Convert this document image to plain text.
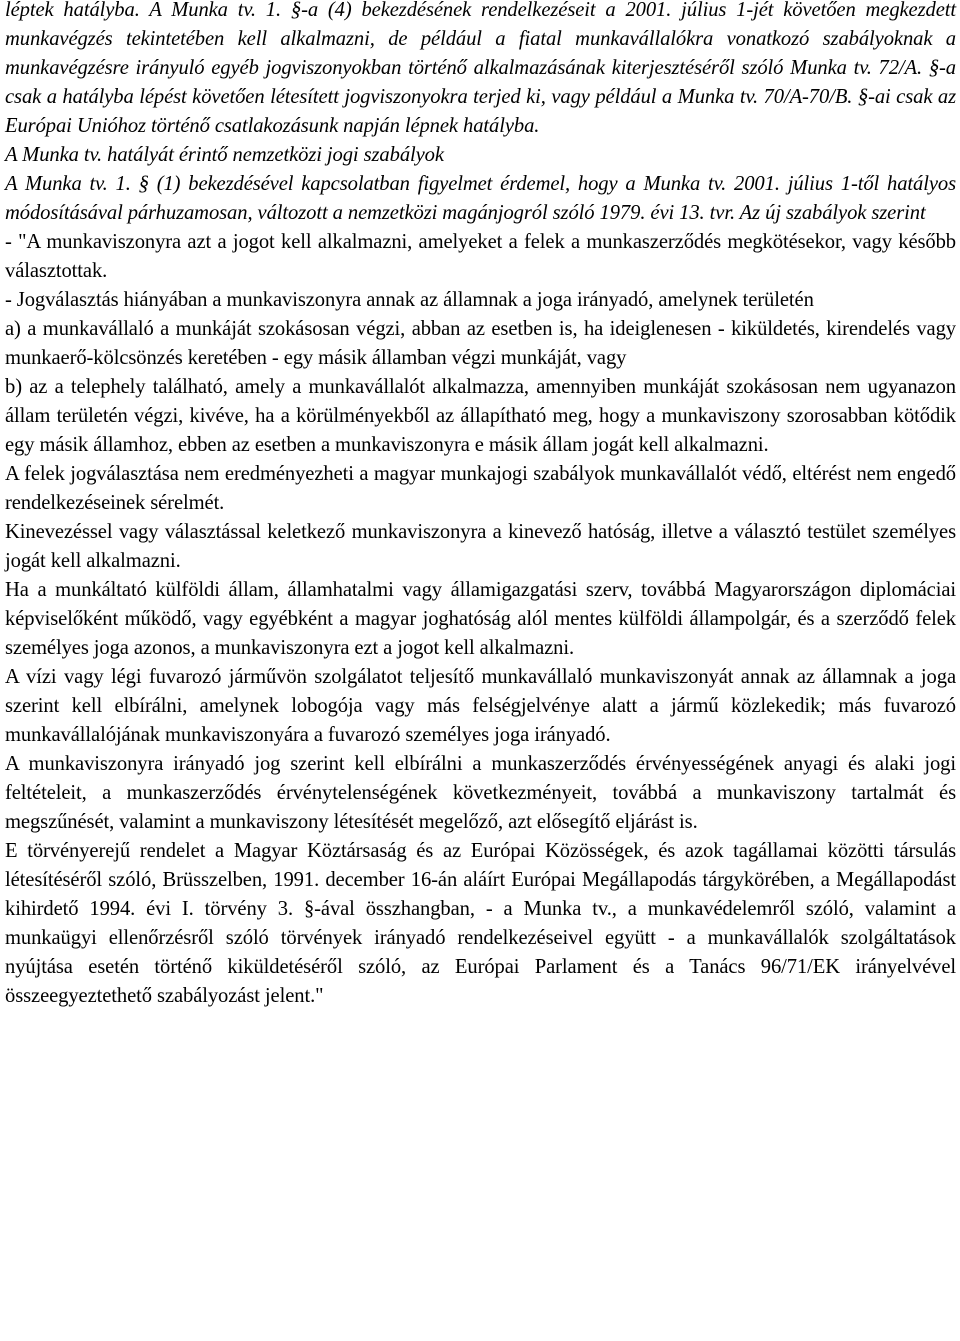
léptek hatályba. A Munka tv. 1. §-a (4) bekezdésének rendelkezéseit a 2001. július 1-jét követően megkezdett munkavégzés tekintetében kell alkalmazni, de például a fiatal munkavállalókra vonatkozó szabályoknak a munkavégzésre irányuló egyéb jogviszonyokban történő alkalmazásának kiterjesztéséről szóló Munka tv. 72/A. §-a csak a hatályba lépést követően létesített jogviszonyokra terjed ki, vagy például a Munka tv. 70/A-70/B. §-ai csak az Európai Unióhoz történő csatlakozásunk napján lépnek hatályba.

A Munka tv. hatályát érintő nemzetközi jogi szabályok

A Munka tv. 1. § (1) bekezdésével kapcsolatban figyelmet érdemel, hogy a Munka tv. 2001. július 1-től hatályos módosításával párhuzamosan, változott a nemzetközi magánjogról szóló 1979. évi 13. tvr. Az új szabályok szerint

- "A munkaviszonyra azt a jogot kell alkalmazni, amelyeket a felek a munkaszerződés megkötésekor, vagy később választottak.

- Jogválasztás hiányában a munkaviszonyra annak az államnak a joga irányadó, amelynek területén

a) a munkavállaló a munkáját szokásosan végzi, abban az esetben is, ha ideiglenesen - kiküldetés, kirendelés vagy munkaerő-kölcsönzés keretében - egy másik államban végzi munkáját, vagy

b) az a telephely található, amely a munkavállalót alkalmazza, amennyiben munkáját szokásosan nem ugyanazon állam területén végzi, kivéve, ha a körülményekből az állapítható meg, hogy a munkaviszony szorosabban kötődik egy másik államhoz, ebben az esetben a munkaviszonyra e másik állam jogát kell alkalmazni.

A felek jogválasztása nem eredményezheti a magyar munkajogi szabályok munkavállalót védő, eltérést nem engedő rendelkezéseinek sérelmét.

Kinevezéssel vagy választással keletkező munkaviszonyra a kinevező hatóság, illetve a választó testület személyes jogát kell alkalmazni.

Ha a munkáltató külföldi állam, államhatalmi vagy államigazgatási szerv, továbbá Magyarországon diplomáciai képviselőként működő, vagy egyébként a magyar joghatóság alól mentes külföldi állampolgár, és a szerződő felek személyes joga azonos, a munkaviszonyra ezt a jogot kell alkalmazni.

A vízi vagy légi fuvarozó járművön szolgálatot teljesítő munkavállaló munkaviszonyát annak az államnak a joga szerint kell elbírálni, amelynek lobogója vagy más felségjelvénye alatt a jármű közlekedik; más fuvarozó munkavállalójának munkaviszonyára a fuvarozó személyes joga irányadó.

A munkaviszonyra irányadó jog szerint kell elbírálni a munkaszerződés érvényességének anyagi és alaki jogi feltételeit, a munkaszerződés érvénytelenségének következményeit, továbbá a munkaviszony tartalmát és megszűnését, valamint a munkaviszony létesítését megelőző, azt elősegítő eljárást is.

E törvényerejű rendelet a Magyar Köztársaság és az Európai Közösségek, és azok tagállamai közötti társulás létesítéséről szóló, Brüsszelben, 1991. december 16-án aláírt Európai Megállapodás tárgykörében, a Megállapodást kihirdető 1994. évi I. törvény 3. §-ával összhangban, - a Munka tv., a munkavédelemről szóló, valamint a munkaügyi ellenőrzésről szóló törvények irányadó rendelkezéseivel együtt - a munkavállalók szolgáltatások nyújtása esetén történő kiküldetéséről szóló, az Európai Parlament és a Tanács 96/71/EK irányelvével összeegyeztethető szabályozást jelent."
